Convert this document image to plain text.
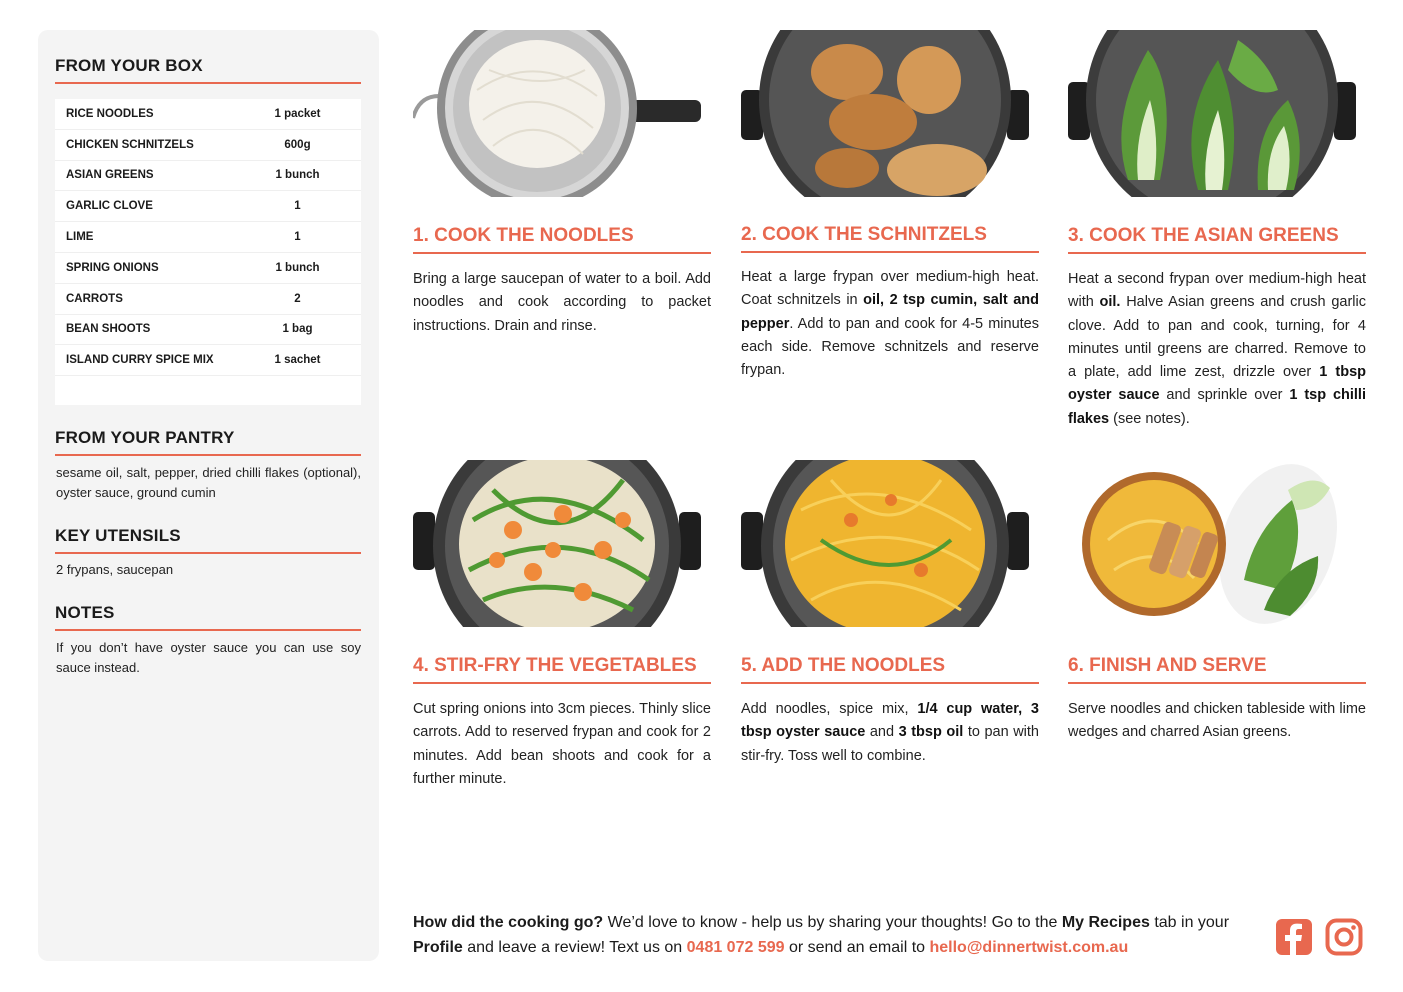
FROM YOUR BOX
RICE NOODLES	1 packet
CHICKEN SCHNITZELS	600g
ASIAN GREENS	1 bunch
GARLIC CLOVE	1
LIME	1
SPRING ONIONS	1 bunch
CARROTS	2
BEAN SHOOTS	1 bag
ISLAND CURRY SPICE MIX	1 sachet
FROM YOUR PANTRY
sesame oil, salt, pepper, dried chilli flakes (optional), oyster sauce, ground cumin
KEY UTENSILS
2 frypans, saucepan
NOTES
If you don’t have oyster sauce you can use soy sauce instead.
1. COOK THE NOODLES	2. COOK THE SCHNITZELS	3. COOK THE ASIAN GREENS
4. STIR-FRY THE VEGETABLES	5. ADD THE NOODLES	6. FINISH AND SERVE
Bring a large saucepan of water to a boil. Add noodles and cook according to packet instructions. Drain and rinse.
Heat a large frypan over medium-high heat. Coat schnitzels in oil, 2 tsp cumin, salt and pepper. Add to pan and cook for 4-5 minutes each side. Remove schnitzels and reserve frypan.
Heat a second frypan over medium-high heat with oil. Halve Asian greens and crush garlic clove. Add to pan and cook, turning, for 4 minutes until greens are charred. Remove to a plate, add lime zest, drizzle over 1 tbsp oyster sauce and sprinkle over 1 tsp chilli flakes (see notes).
Cut spring onions into 3cm pieces. Thinly slice carrots. Add to reserved frypan and cook for 2 minutes. Add bean shoots and cook for a further minute.
Add noodles, spice mix, 1/4 cup water, 3 tbsp oyster sauce and 3 tbsp oil to pan with stir-fry. Toss well to combine.
Serve noodles and chicken tableside with lime wedges and charred Asian greens.
How did the cooking go? We’d love to know - help us by sharing your thoughts! Go to the My Recipes tab in your Profile and leave a review! Text us on 0481 072 599 or send an email to hello@dinnertwist.com.au
